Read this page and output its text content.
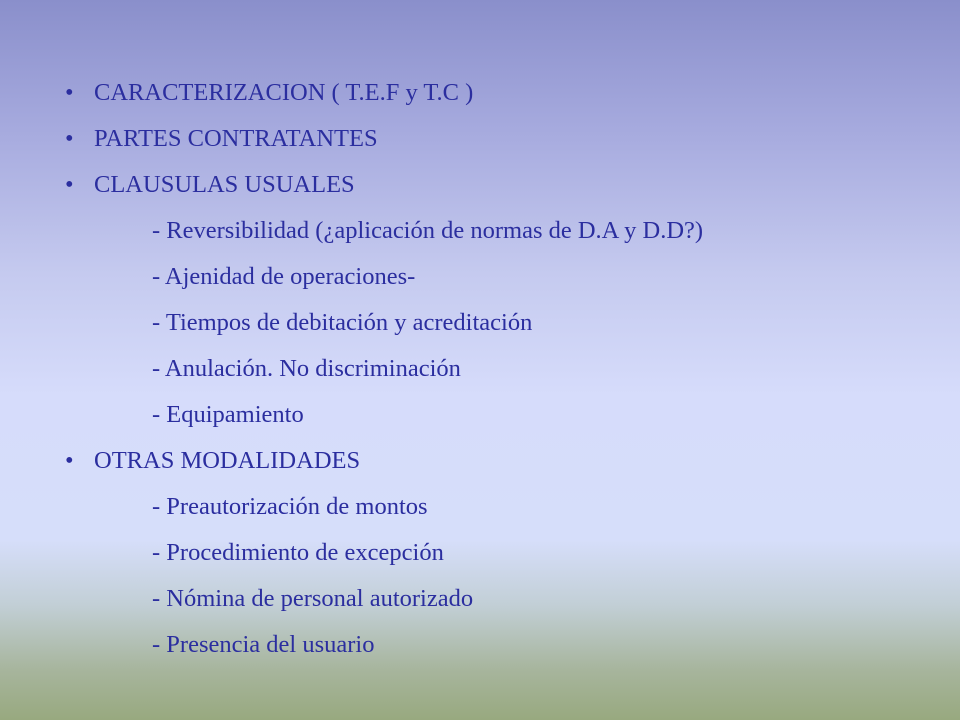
• CARACTERIZACION ( T.E.F y T.C )
• PARTES CONTRATANTES
• CLAUSULAS USUALES
- Reversibilidad (¿aplicación de normas de D.A y D.D?)
- Ajenidad de operaciones-
- Tiempos de debitación y acreditación
- Anulación. No discriminación
- Equipamiento
• OTRAS MODALIDADES
- Preautorización de montos
- Procedimiento de excepción
- Nómina de personal autorizado
- Presencia del usuario
